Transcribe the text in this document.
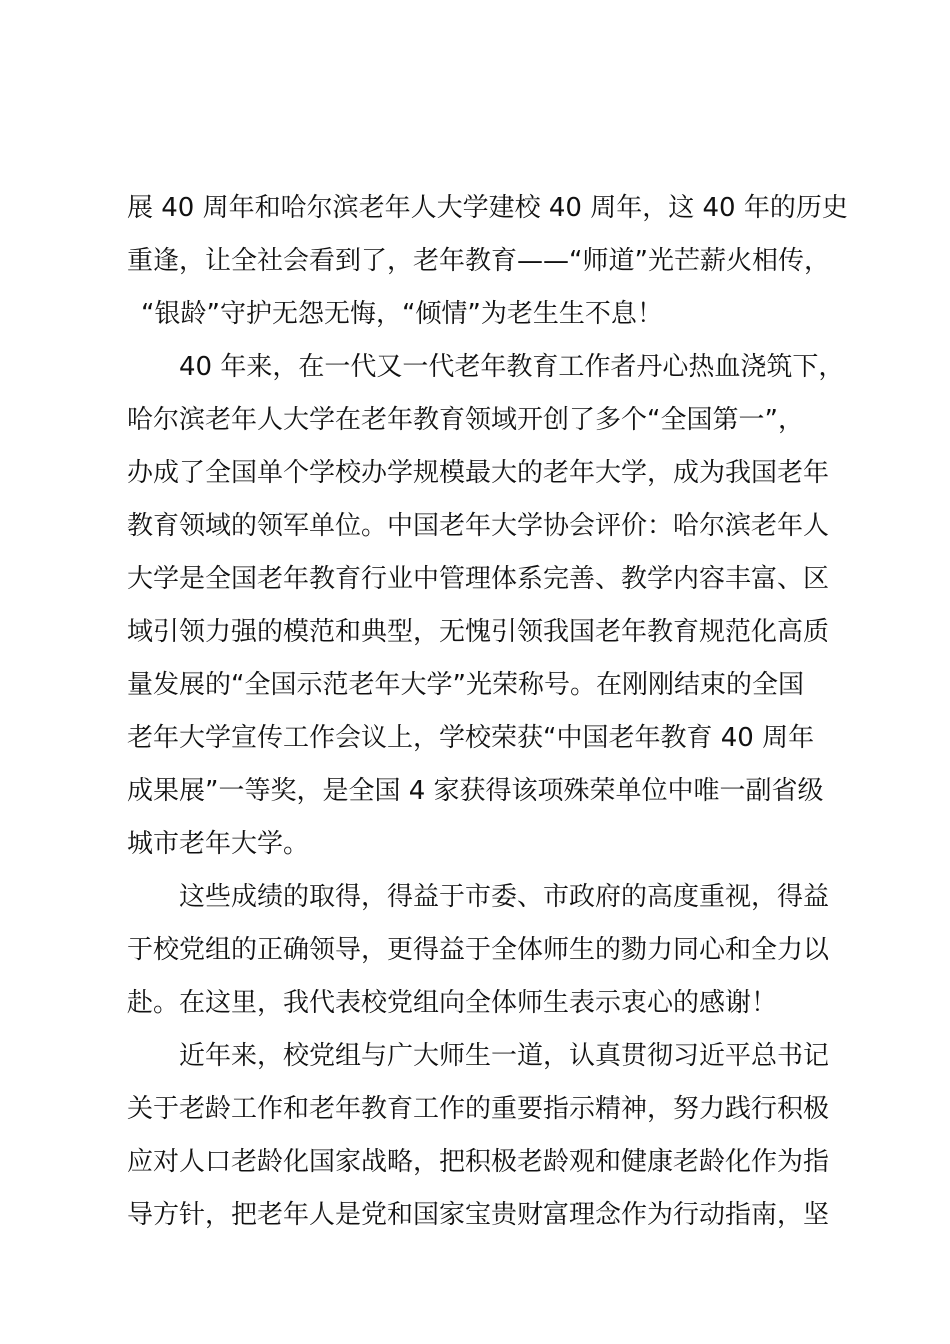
展 40 周年和哈尔滨老年人大学建校 40 周年，这 40 年的历史
重逢，让全社会看到了，老年教育——“师道”光芒薪火相传，
“银龄”守护无怨无悔，“倾情”为老生生不息！
40 年来，在一代又一代老年教育工作者丹心热血浇筑下，
哈尔滨老年人大学在老年教育领域开创了多个“全国第一”，
办成了全国单个学校办学规模最大的老年大学，成为我国老年
教育领域的领军单位。中国老年大学协会评价：哈尔滨老年人
大学是全国老年教育行业中管理体系完善、教学内容丰富、区
域引领力强的模范和典型，无愧引领我国老年教育规范化高质
量发展的“全国示范老年大学”光荣称号。在刚刚结束的全国
老年大学宣传工作会议上，学校荣获“中国老年教育 40 周年
成果展”一等奖，是全国 4 家获得该项殊荣单位中唯一副省级
城市老年大学。
这些成绩的取得，得益于市委、市政府的高度重视，得益
于校党组的正确领导，更得益于全体师生的勠力同心和全力以
赴。在这里，我代表校党组向全体师生表示衷心的感谢！
近年来，校党组与广大师生一道，认真贯彻习近平总书记
关于老龄工作和老年教育工作的重要指示精神，努力践行积极
应对人口老龄化国家战略，把积极老龄观和健康老龄化作为指
导方针，把老年人是党和国家宝贵财富理念作为行动指南，坚
